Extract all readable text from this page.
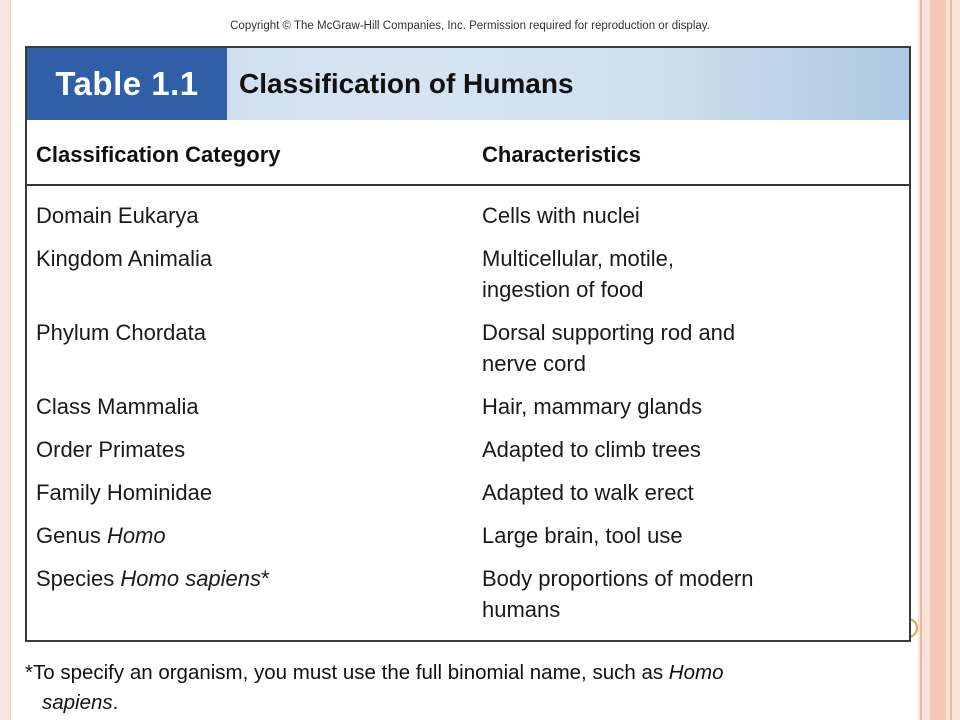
Copyright © The McGraw-Hill Companies, Inc. Permission required for reproduction or display.
Table 1.1	Classification of Humans
Classification Category	Characteristics
Domain Eukarya	Cells with nuclei
Kingdom Animalia	Multicellular, motile,
ingestion of food
Phylum Chordata	Dorsal supporting rod and
nerve cord
Class Mammalia	Hair, mammary glands
Order Primates	Adapted to climb trees
Family Hominidae	Adapted to walk erect
Genus Homo	Large brain, tool use
Species Homo sapiens*	Body proportions of modern
humans
*To specify an organism, you must use the full binomial name, such as Homo
sapiens.
